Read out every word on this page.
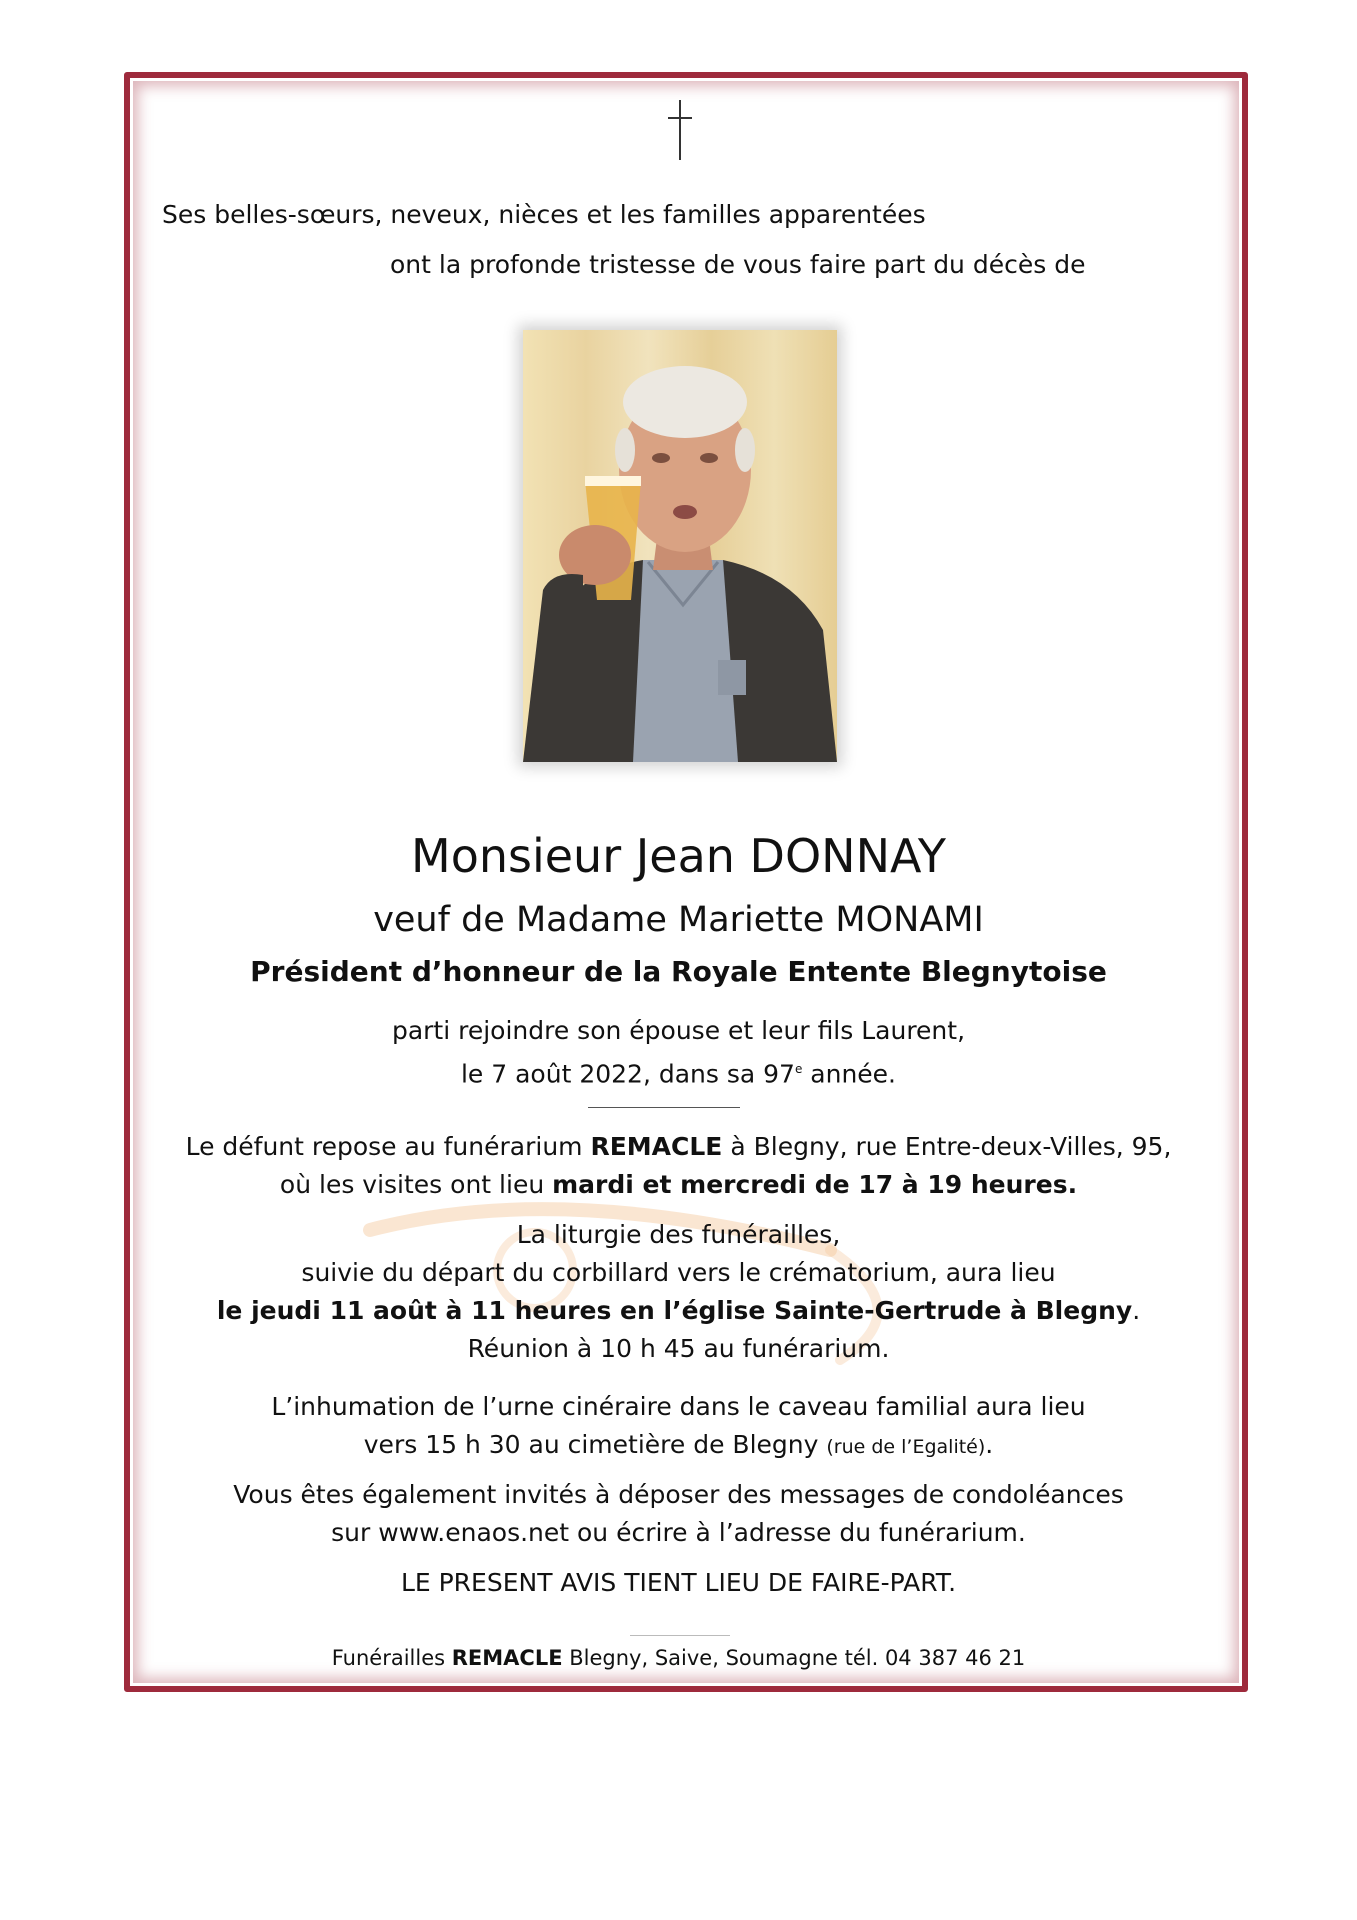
Ses belles-sœurs, neveux, nièces et les familles apparentées
ont la profonde tristesse de vous faire part du décès de
Monsieur Jean DONNAY
veuf de Madame Mariette MONAMI
Président d’honneur de la Royale Entente Blegnytoise
parti rejoindre son épouse et leur fils Laurent,
le 7 août 2022, dans sa 97e année.
Le défunt repose au funérarium REMACLE à Blegny, rue Entre-deux-Villes, 95,
où les visites ont lieu mardi et mercredi de 17 à 19 heures.
La liturgie des funérailles,
suivie du départ du corbillard vers le crématorium, aura lieu
le jeudi 11 août à 11 heures en l’église Sainte-Gertrude à Blegny.
Réunion à 10 h 45 au funérarium.
L’inhumation de l’urne cinéraire dans le caveau familial aura lieu
vers 15 h 30 au cimetière de Blegny (rue de l’Egalité).
Vous êtes également invités à déposer des messages de condoléances
sur www.enaos.net ou écrire à l’adresse du funérarium.
LE PRESENT AVIS TIENT LIEU DE FAIRE-PART.
Funérailles REMACLE Blegny, Saive, Soumagne tél. 04 387 46 21
